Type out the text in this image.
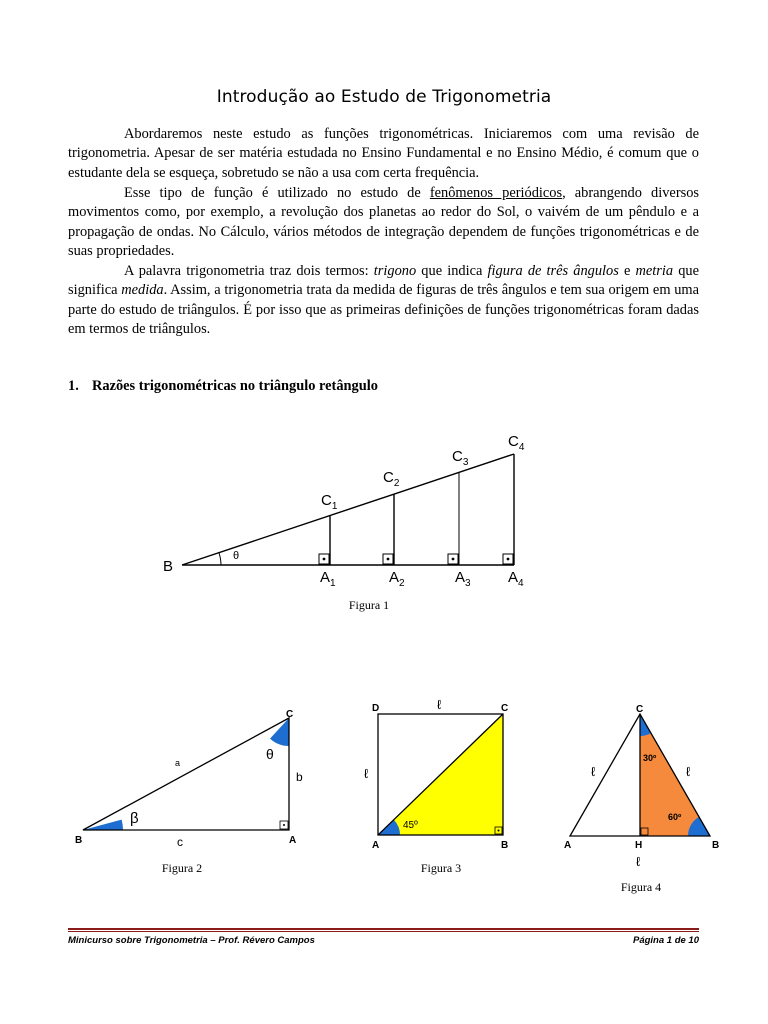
Introdução ao Estudo de Trigonometria

Abordaremos neste estudo as funções trigonométricas. Iniciaremos com uma revisão de trigonometria. Apesar de ser matéria estudada no Ensino Fundamental e no Ensino Médio, é comum que o estudante dela se esqueça, sobretudo se não a usa com certa frequência.

Esse tipo de função é utilizado no estudo de fenômenos periódicos, abrangendo diversos movimentos como, por exemplo, a revolução dos planetas ao redor do Sol, o vaivém de um pêndulo e a propagação de ondas. No Cálculo, vários métodos de integração dependem de funções trigonométricas e de suas propriedades.

A palavra trigonometria traz dois termos: trigono que indica figura de três ângulos e metria que significa medida. Assim, a trigonometria trata da medida de figuras de três ângulos e tem sua origem em uma parte do estudo de triângulos. É por isso que as primeiras definições de funções trigonométricas foram dadas em termos de triângulos.

1. Razões trigonométricas no triângulo retângulo
B
θ
$C_1$
$C_2$
$C_3$
$C_4$
$A_1$	$A_2$	$A_3$ $A_4$
Figura 1
C
B	A
a
b
c
β
θ
Figura 2
D	C
A	B
ℓ
ℓ
45º
Figura 3
C
A	H	B
ℓ	ℓ
ℓ
30º
60º
Figura 4
Minicurso sobre Trigonometria – Prof. Révero Campos	Página 1 de 10
